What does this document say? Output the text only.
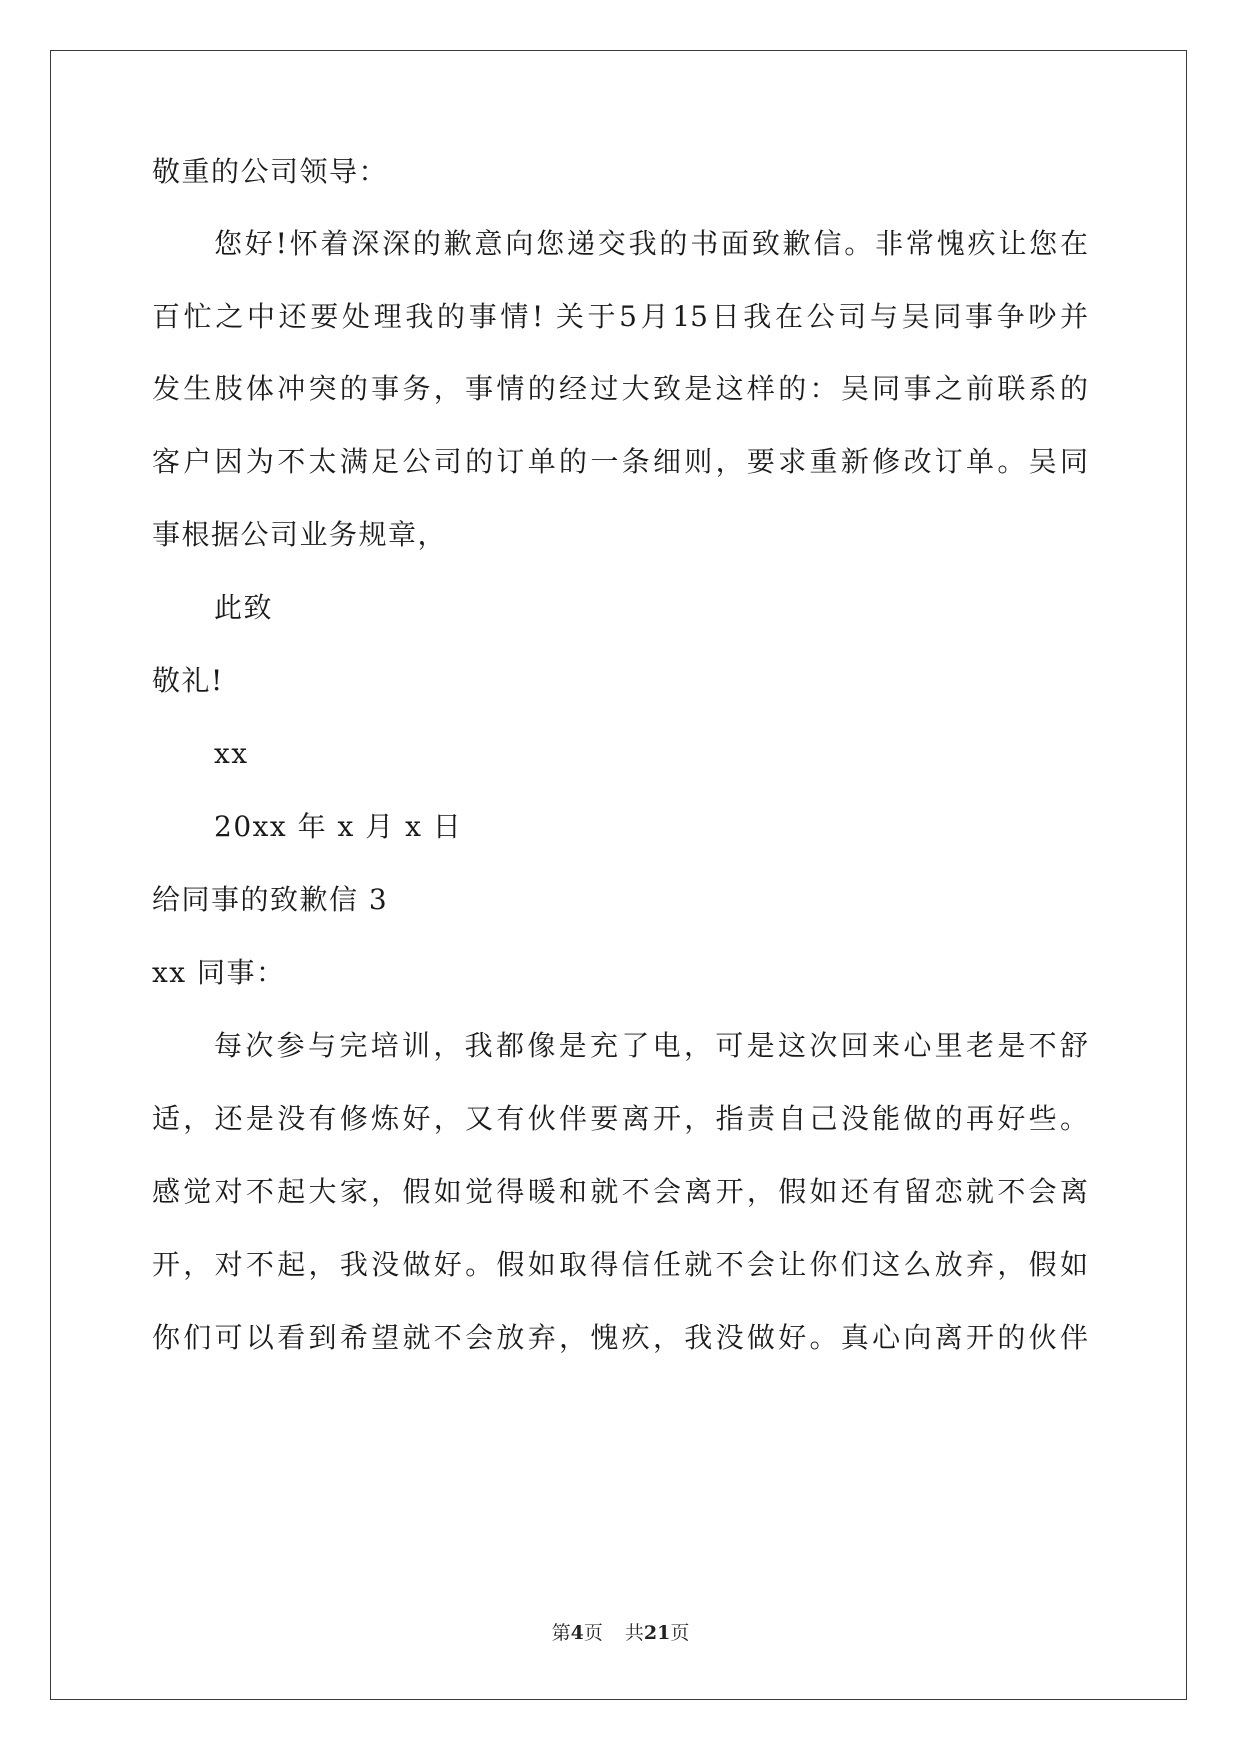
敬重的公司领导：
您好!怀着深深的歉意向您递交我的书面致歉信。非常愧疚让您在
百忙之中还要处理我的事情! 关于5月15日我在公司与吴同事争吵并
发生肢体冲突的事务，事情的经过大致是这样的：吴同事之前联系的
客户因为不太满足公司的订单的一条细则，要求重新修改订单。吴同
事根据公司业务规章，
此致
敬礼!
xx
20xx 年 x 月 x 日
给同事的致歉信 3
xx 同事：
每次参与完培训，我都像是充了电，可是这次回来心里老是不舒
适，还是没有修炼好，又有伙伴要离开，指责自己没能做的再好些。
感觉对不起大家，假如觉得暖和就不会离开，假如还有留恋就不会离
开，对不起，我没做好。假如取得信任就不会让你们这么放弃，假如
你们可以看到希望就不会放弃，愧疚，我没做好。真心向离开的伙伴
第4页 共21页
